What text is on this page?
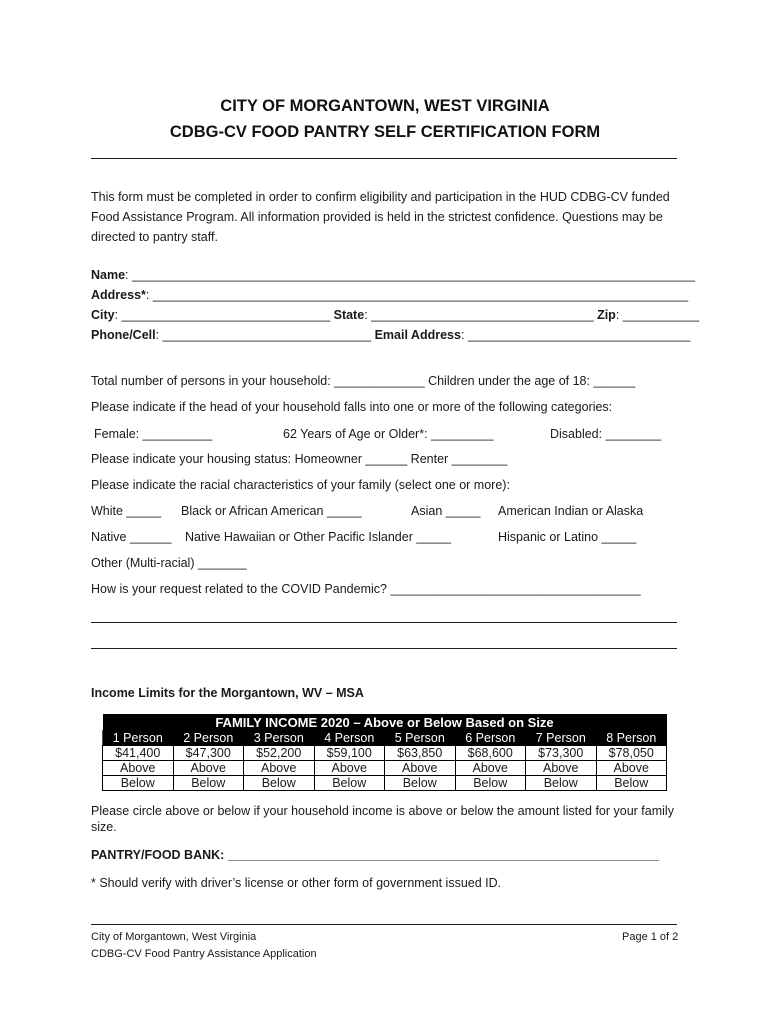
CITY OF MORGANTOWN, WEST VIRGINIA
CDBG-CV FOOD PANTRY SELF CERTIFICATION FORM
This form must be completed in order to confirm eligibility and participation in the HUD CDBG-CV funded Food Assistance Program. All information provided is held in the strictest confidence. Questions may be directed to pantry staff.
Name: _________________________________________________________________________________
Address*: _____________________________________________________________________________
City: ______________________________ State: ________________________________ Zip: ___________
Phone/Cell: ______________________________ Email Address: ________________________________
Total number of persons in your household: _____________ Children under the age of 18: ______
Please indicate if the head of your household falls into one or more of the following categories:
Female: __________	62 Years of Age or Older*: _________	Disabled: ________
Please indicate your housing status: Homeowner ______ Renter ________
Please indicate the racial characteristics of your family (select one or more):
White _____ Black or African American _____	Asian _____ American Indian or Alaska
Native ______ Native Hawaiian or Other Pacific Islander _____	Hispanic or Latino _____
Other (Multi-racial) _______
How is your request related to the COVID Pandemic? ____________________________________
Income Limits for the Morgantown, WV – MSA
FAMILY INCOME 2020 – Above or Below Based on Size							
1 Person	2 Person	3 Person	4 Person	5 Person	6 Person	7 Person	8 Person
$41,400	$47,300	$52,200	$59,100	$63,850	$68,600	$73,300	$78,050
Above	Above	Above	Above	Above	Above	Above	Above
Below	Below	Below	Below	Below	Below	Below	Below
Please circle above or below if your household income is above or below the amount listed for your family size.
PANTRY/FOOD BANK: ______________________________________________________________
* Should verify with driver’s license or other form of government issued ID.
City of Morgantown, West Virginia
CDBG-CV Food Pantry Assistance Application
Page 1 of 2
